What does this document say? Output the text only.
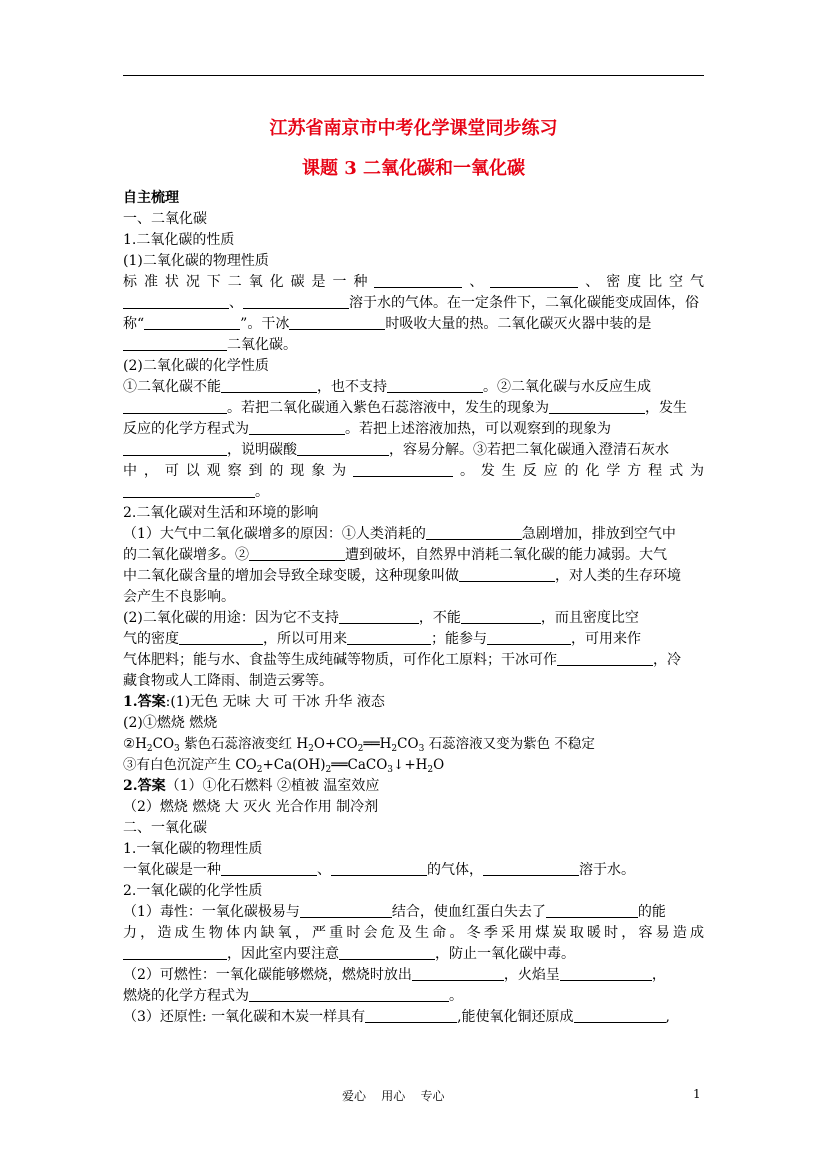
江苏省南京市中考化学课堂同步练习
课题 3 二氧化碳和一氧化碳
自主梳理
一、二氧化碳
1.二氧化碳的性质
(1)二氧化碳的物理性质
标准状况下二氧化碳是一种	、	、密度比空气
、	溶于水的气体。在一定条件下，二氧化碳能变成固体，俗
称“	”。干冰	时吸收大量的热。二氧化碳灭火器中装的是
二氧化碳。
(2)二氧化碳的化学性质
①二氧化碳不能	，也不支持	。②二氧化碳与水反应生成
。若把二氧化碳通入紫色石蕊溶液中，发生的现象为	，发生
反应的化学方程式为	。若把上述溶液加热，可以观察到的现象为
，说明碳酸	，容易分解。③若把二氧化碳通入澄清石灰水
中，可以观察到的现象为	。发生反应的化学方程式为
。
2.二氧化碳对生活和环境的影响
（1）大气中二氧化碳增多的原因：①人类消耗的	急剧增加，排放到空气中
的二氧化碳增多。②	遭到破坏，自然界中消耗二氧化碳的能力减弱。大气
中二氧化碳含量的增加会导致全球变暖，这种现象叫做	，对人类的生存环境
会产生不良影响。
(2)二氧化碳的用途：因为它不支持	，不能	，而且密度比空
气的密度	，所以可用来	；能参与	，可用来作
气体肥料；能与水、食盐等生成纯碱等物质，可作化工原料；干冰可作	，冷
藏食物或人工降雨、制造云雾等。
1.答案:(1)无色 无味 大 可 干冰 升华 液态
(2)①燃烧 燃烧
$②H_2CO_3$ 紫色石蕊溶液变红 $H_2O+CO_2══H_2CO_3$ 石蕊溶液又变为紫色 不稳定
③有白色沉淀产生 $CO_2+Ca(OH)_2══CaCO_3↓+H_2O$
2.答案（1）①化石燃料 ②植被 温室效应
（2）燃烧 燃烧 大 灭火 光合作用 制冷剂
二、一氧化碳
1.一氧化碳的物理性质
一氧化碳是一种	、	的气体，	溶于水。
2.一氧化碳的化学性质
（1）毒性：一氧化碳极易与	结合，使血红蛋白失去了	的能
力，造成生物体内缺氧，严重时会危及生命。冬季采用煤炭取暖时，容易造成
，因此室内要注意	，防止一氧化碳中毒。
（2）可燃性：一氧化碳能够燃烧，燃烧时放出	，火焰呈	，
燃烧的化学方程式为	。
（3）还原性: 一氧化碳和木炭一样具有	,能使氧化铜还原成	,
爱心    用心    专心	1
